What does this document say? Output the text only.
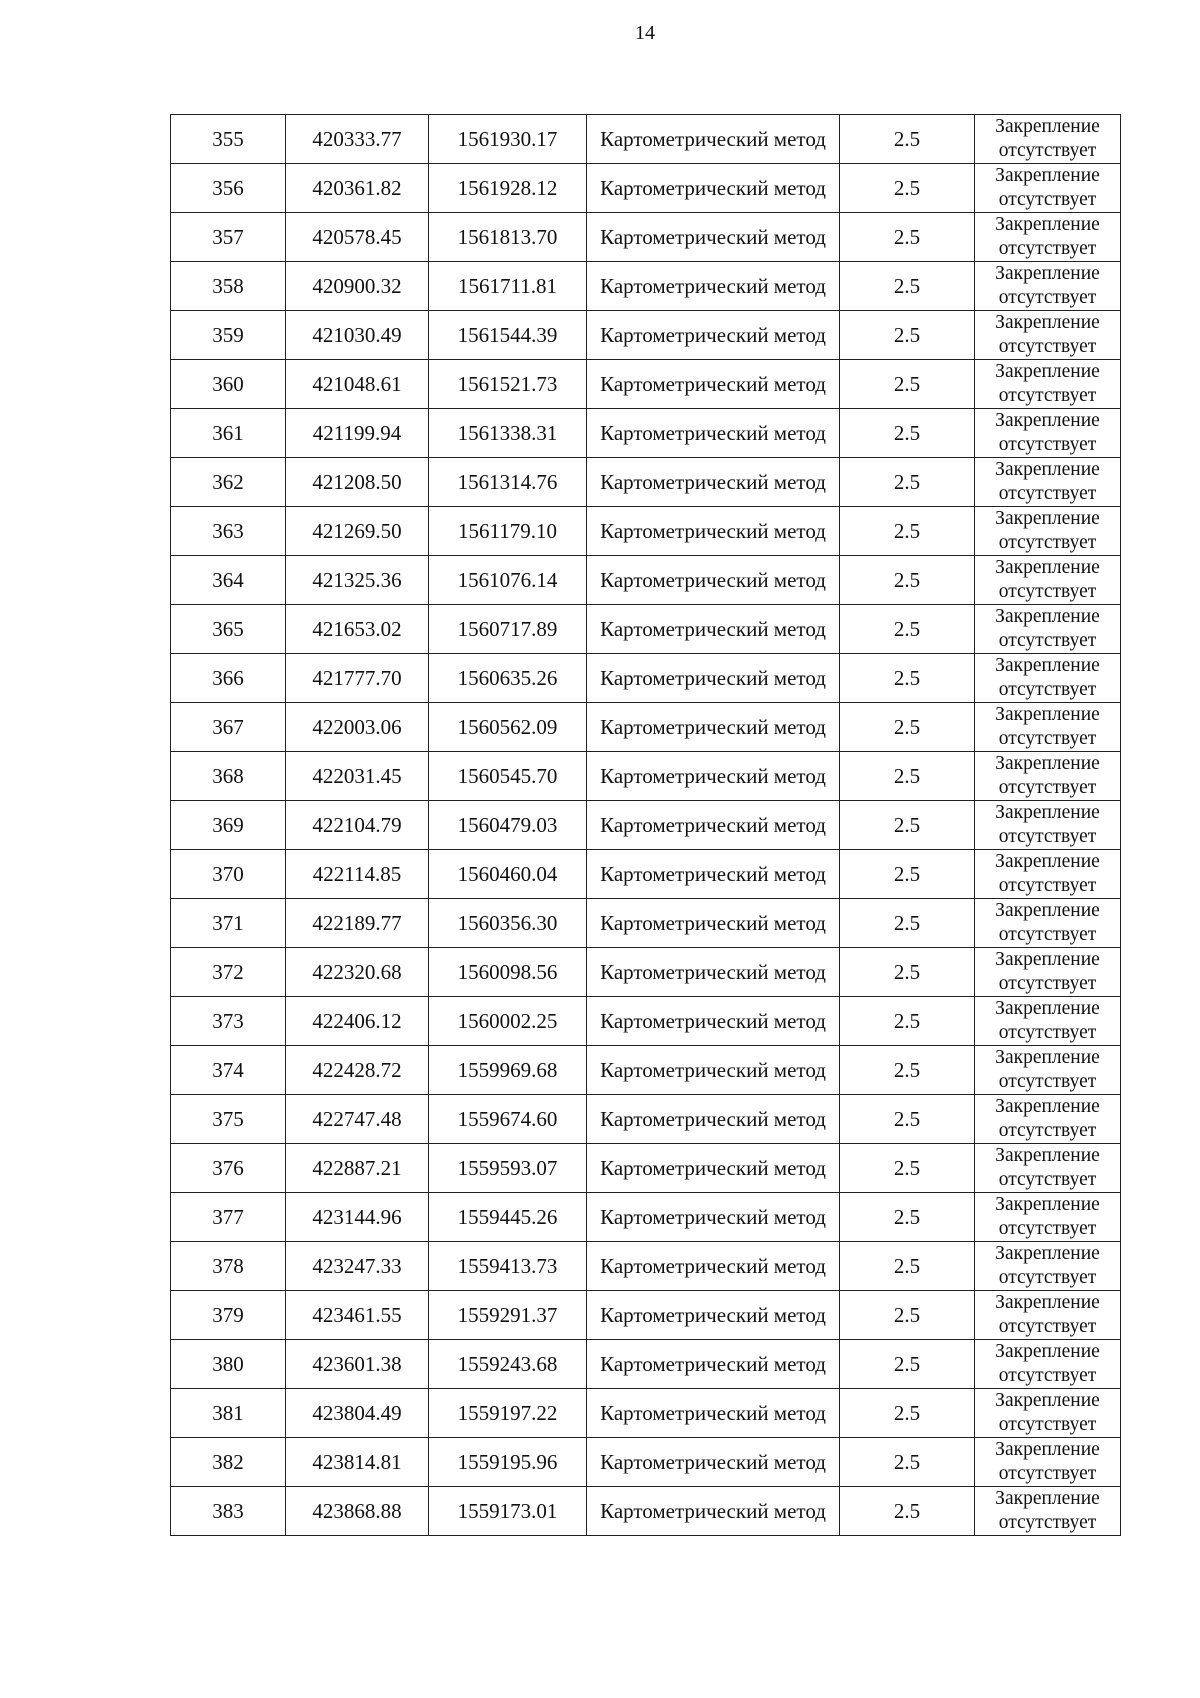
14
355	420333.77	1561930.17	Картометрический метод	2.5	Закрепление
отсутствует

356	420361.82	1561928.12	Картометрический метод	2.5	Закрепление
отсутствует

357	420578.45	1561813.70	Картометрический метод	2.5	Закрепление
отсутствует

358	420900.32	1561711.81	Картометрический метод	2.5	Закрепление
отсутствует

359	421030.49	1561544.39	Картометрический метод	2.5	Закрепление
отсутствует

360	421048.61	1561521.73	Картометрический метод	2.5	Закрепление
отсутствует

361	421199.94	1561338.31	Картометрический метод	2.5	Закрепление
отсутствует

362	421208.50	1561314.76	Картометрический метод	2.5	Закрепление
отсутствует

363	421269.50	1561179.10	Картометрический метод	2.5	Закрепление
отсутствует

364	421325.36	1561076.14	Картометрический метод	2.5	Закрепление
отсутствует

365	421653.02	1560717.89	Картометрический метод	2.5	Закрепление
отсутствует

366	421777.70	1560635.26	Картометрический метод	2.5	Закрепление
отсутствует

367	422003.06	1560562.09	Картометрический метод	2.5	Закрепление
отсутствует

368	422031.45	1560545.70	Картометрический метод	2.5	Закрепление
отсутствует

369	422104.79	1560479.03	Картометрический метод	2.5	Закрепление
отсутствует

370	422114.85	1560460.04	Картометрический метод	2.5	Закрепление
отсутствует

371	422189.77	1560356.30	Картометрический метод	2.5	Закрепление
отсутствует

372	422320.68	1560098.56	Картометрический метод	2.5	Закрепление
отсутствует

373	422406.12	1560002.25	Картометрический метод	2.5	Закрепление
отсутствует

374	422428.72	1559969.68	Картометрический метод	2.5	Закрепление
отсутствует

375	422747.48	1559674.60	Картометрический метод	2.5	Закрепление
отсутствует

376	422887.21	1559593.07	Картометрический метод	2.5	Закрепление
отсутствует

377	423144.96	1559445.26	Картометрический метод	2.5	Закрепление
отсутствует

378	423247.33	1559413.73	Картометрический метод	2.5	Закрепление
отсутствует

379	423461.55	1559291.37	Картометрический метод	2.5	Закрепление
отсутствует

380	423601.38	1559243.68	Картометрический метод	2.5	Закрепление
отсутствует

381	423804.49	1559197.22	Картометрический метод	2.5	Закрепление
отсутствует

382	423814.81	1559195.96	Картометрический метод	2.5	Закрепление
отсутствует

383	423868.88	1559173.01	Картометрический метод	2.5	Закрепление
отсутствует
